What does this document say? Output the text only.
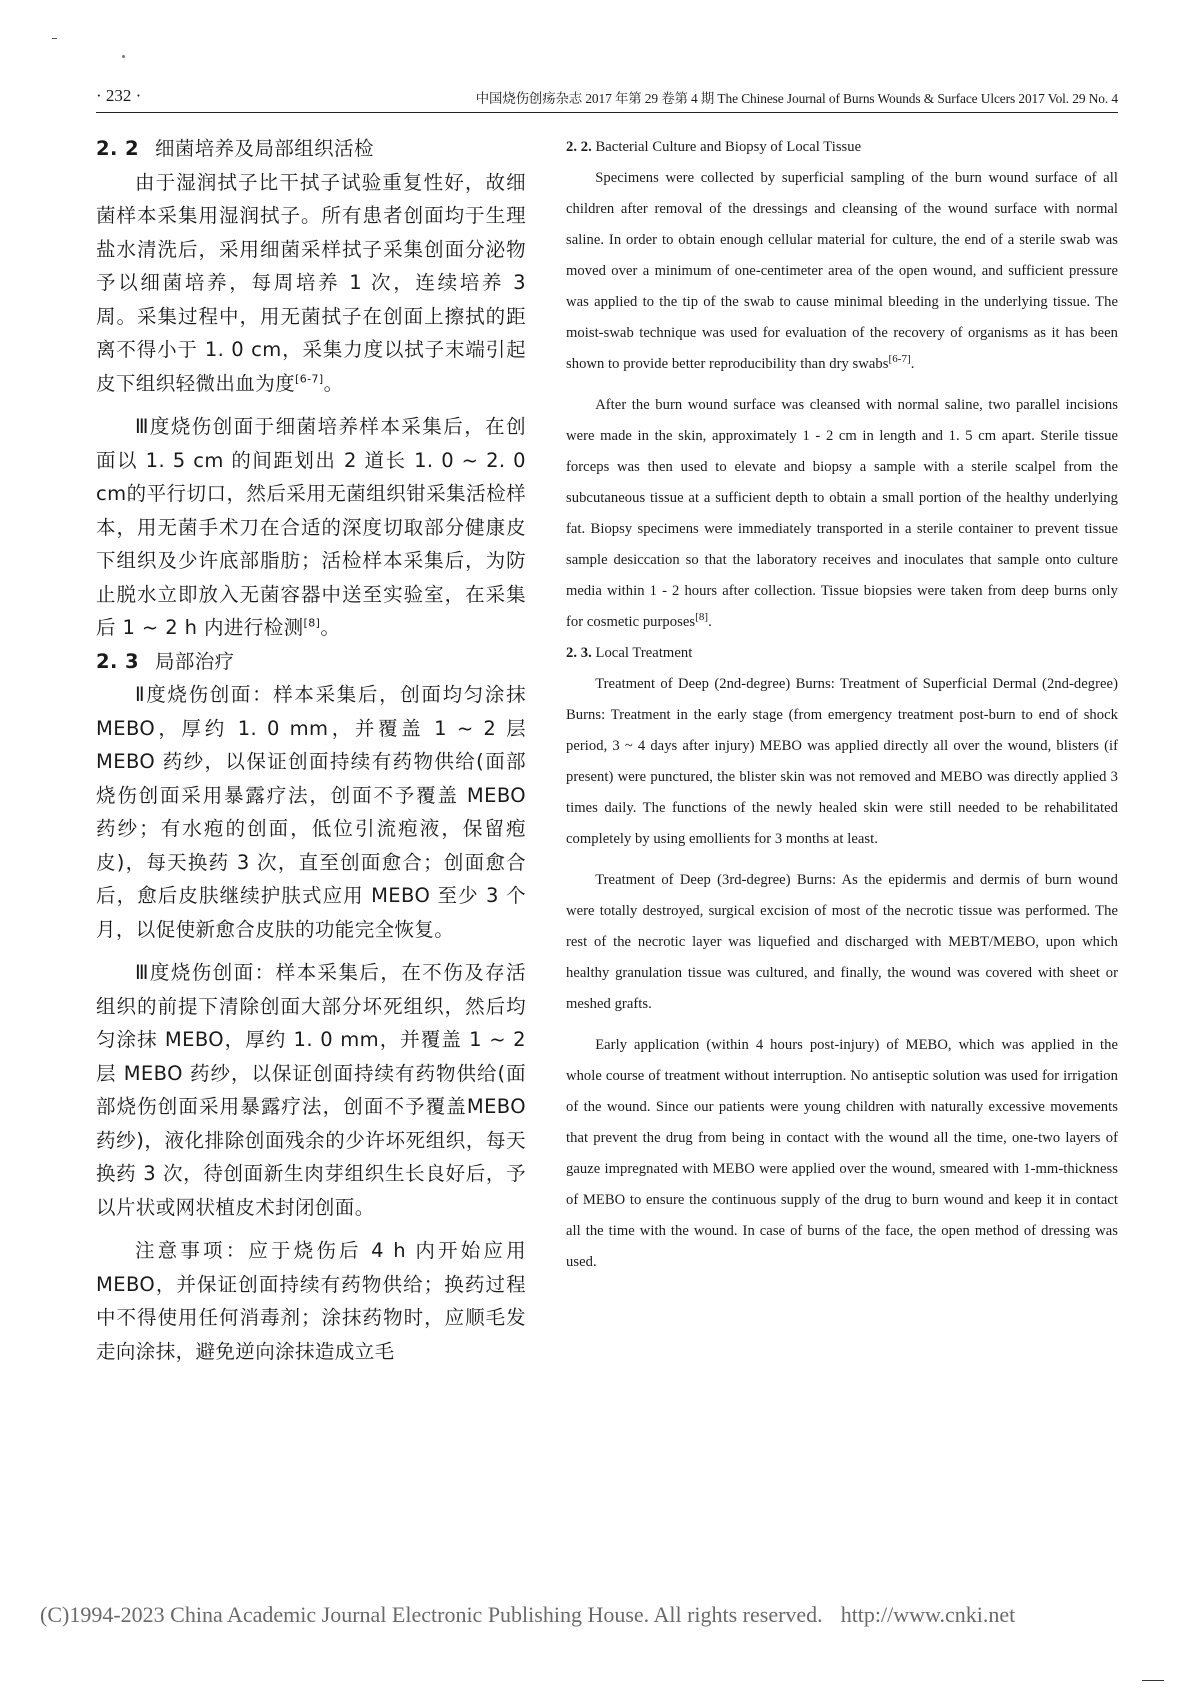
· 232 ·	中国烧伤创疡杂志 2017 年第 29 卷第 4 期 The Chinese Journal of Burns Wounds & Surface Ulcers 2017 Vol. 29 No. 4

2. 2 细菌培养及局部组织活检

由于湿润拭子比干拭子试验重复性好，故细菌样本采集用湿润拭子。所有患者创面均于生理盐水清洗后，采用细菌采样拭子采集创面分泌物予以细菌培养，每周培养 1 次，连续培养 3 周。采集过程中，用无菌拭子在创面上擦拭的距离不得小于 1. 0 cm，采集力度以拭子末端引起皮下组织轻微出血为度[6-7]。

Ⅲ度烧伤创面于细菌培养样本采集后，在创面以 1. 5 cm 的间距划出 2 道长 1. 0 ~ 2. 0 cm的平行切口，然后采用无菌组织钳采集活检样本，用无菌手术刀在合适的深度切取部分健康皮下组织及少许底部脂肪；活检样本采集后，为防止脱水立即放入无菌容器中送至实验室，在采集后 1 ~ 2 h 内进行检测[8]。

2. 3 局部治疗

Ⅱ度烧伤创面：样本采集后，创面均匀涂抹 MEBO，厚约 1. 0 mm，并覆盖 1 ~ 2 层 MEBO 药纱，以保证创面持续有药物供给(面部烧伤创面采用暴露疗法，创面不予覆盖 MEBO 药纱；有水疱的创面，低位引流疱液，保留疱皮)，每天换药 3 次，直至创面愈合；创面愈合后，愈后皮肤继续护肤式应用 MEBO 至少 3 个月，以促使新愈合皮肤的功能完全恢复。

Ⅲ度烧伤创面：样本采集后，在不伤及存活组织的前提下清除创面大部分坏死组织，然后均匀涂抹 MEBO，厚约 1. 0 mm，并覆盖 1 ~ 2 层 MEBO 药纱，以保证创面持续有药物供给(面部烧伤创面采用暴露疗法，创面不予覆盖MEBO药纱)，液化排除创面残余的少许坏死组织，每天换药 3 次，待创面新生肉芽组织生长良好后，予以片状或网状植皮术封闭创面。

注意事项：应于烧伤后 4 h 内开始应用 MEBO，并保证创面持续有药物供给；换药过程中不得使用任何消毒剂；涂抹药物时，应顺毛发走向涂抹，避免逆向涂抹造成立毛

2. 2. Bacterial Culture and Biopsy of Local Tissue

Specimens were collected by superficial sampling of the burn wound surface of all children after removal of the dressings and cleansing of the wound surface with normal saline. In order to obtain enough cellular material for culture, the end of a sterile swab was moved over a minimum of one-centimeter area of the open wound, and sufficient pressure was applied to the tip of the swab to cause minimal bleeding in the underlying tissue. The moist-swab technique was used for evaluation of the recovery of organisms as it has been shown to provide better reproducibility than dry swabs[6-7].

After the burn wound surface was cleansed with normal saline, two parallel incisions were made in the skin, approximately 1 - 2 cm in length and 1. 5 cm apart. Sterile tissue forceps was then used to elevate and biopsy a sample with a sterile scalpel from the subcutaneous tissue at a sufficient depth to obtain a small portion of the healthy underlying fat. Biopsy specimens were immediately transported in a sterile container to prevent tissue sample desiccation so that the laboratory receives and inoculates that sample onto culture media within 1 - 2 hours after collection. Tissue biopsies were taken from deep burns only for cosmetic purposes[8].

2. 3. Local Treatment

Treatment of Deep (2nd-degree) Burns: Treatment of Superficial Dermal (2nd-degree) Burns: Treatment in the early stage (from emergency treatment post-burn to end of shock period, 3 ~ 4 days after injury) MEBO was applied directly all over the wound, blisters (if present) were punctured, the blister skin was not removed and MEBO was directly applied 3 times daily. The functions of the newly healed skin were still needed to be rehabilitated completely by using emollients for 3 months at least.

Treatment of Deep (3rd-degree) Burns: As the epidermis and dermis of burn wound were totally destroyed, surgical excision of most of the necrotic tissue was performed. The rest of the necrotic layer was liquefied and discharged with MEBT/MEBO, upon which healthy granulation tissue was cultured, and finally, the wound was covered with sheet or meshed grafts.

Early application (within 4 hours post-injury) of MEBO, which was applied in the whole course of treatment without interruption. No antiseptic solution was used for irrigation of the wound. Since our patients were young children with naturally excessive movements that prevent the drug from being in contact with the wound all the time, one-two layers of gauze impregnated with MEBO were applied over the wound, smeared with 1-mm-thickness of MEBO to ensure the continuous supply of the drug to burn wound and keep it in contact all the time with the wound. In case of burns of the face, the open method of dressing was used.

(C)1994-2023 China Academic Journal Electronic Publishing House. All rights reserved. http://www.cnki.net
